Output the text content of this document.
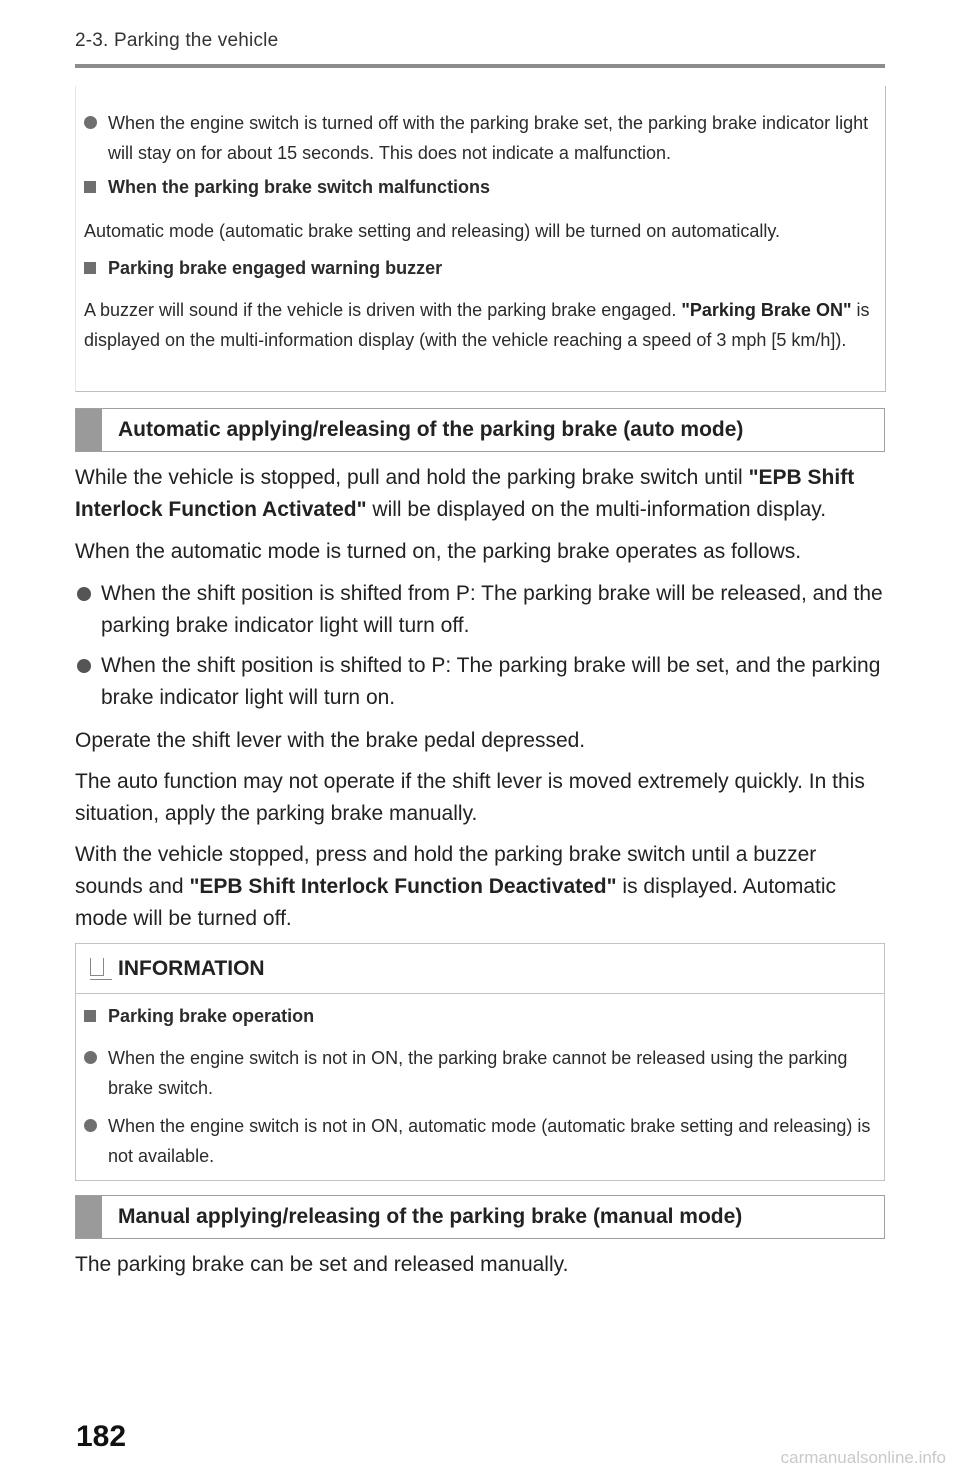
2-3. Parking the vehicle
When the engine switch is turned off with the parking brake set, the parking brake indicator light will stay on for about 15 seconds. This does not indicate a malfunction.
When the parking brake switch malfunctions
Automatic mode (automatic brake setting and releasing) will be turned on automatically.
Parking brake engaged warning buzzer
A buzzer will sound if the vehicle is driven with the parking brake engaged. "Parking Brake ON" is displayed on the multi-information display (with the vehicle reaching a speed of 3 mph [5 km/h]).
Automatic applying/releasing of the parking brake (auto mode)
While the vehicle is stopped, pull and hold the parking brake switch until "EPB Shift Interlock Function Activated" will be displayed on the multi-information display.
When the automatic mode is turned on, the parking brake operates as follows.
When the shift position is shifted from P: The parking brake will be released, and the parking brake indicator light will turn off.
When the shift position is shifted to P: The parking brake will be set, and the parking brake indicator light will turn on.
Operate the shift lever with the brake pedal depressed.
The auto function may not operate if the shift lever is moved extremely quickly. In this situation, apply the parking brake manually.
With the vehicle stopped, press and hold the parking brake switch until a buzzer sounds and "EPB Shift Interlock Function Deactivated" is displayed. Automatic mode will be turned off.
INFORMATION
Parking brake operation
When the engine switch is not in ON, the parking brake cannot be released using the parking brake switch.
When the engine switch is not in ON, automatic mode (automatic brake setting and releasing) is not available.
Manual applying/releasing of the parking brake (manual mode)
The parking brake can be set and released manually.
182
carmanualsonline.info
